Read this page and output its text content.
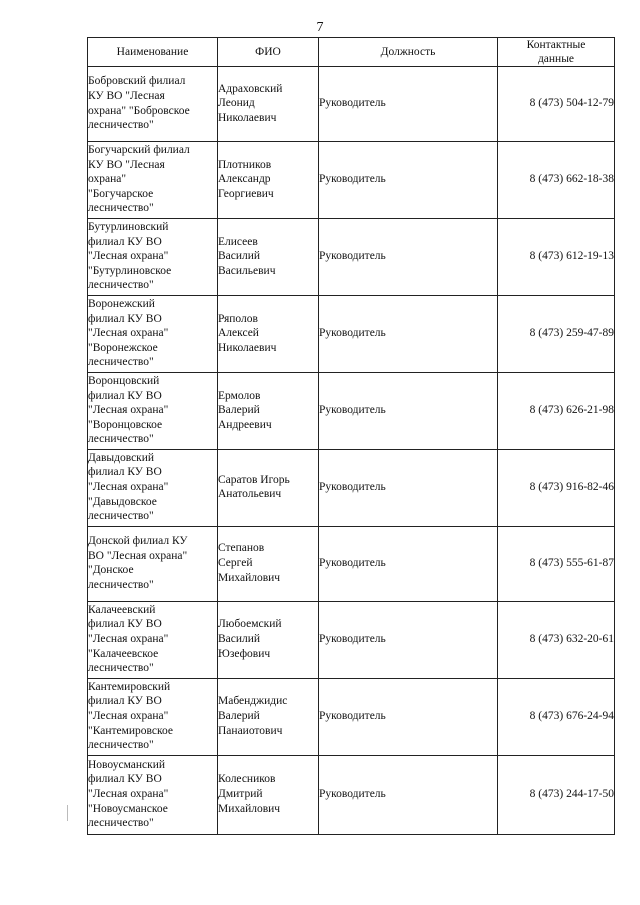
7
Наименование	ФИО	Должность	Контактные
данные

Бобровский филиал
КУ ВО "Лесная
охрана" "Бобровское
лесничество"	Адраховский
Леонид
Николаевич	Руководитель	8 (473) 504-12-79

Богучарский филиал
КУ ВО "Лесная
охрана"
"Богучарское
лесничество"	Плотников
Александр
Георгиевич	Руководитель	8 (473) 662-18-38

Бутурлиновский
филиал КУ ВО
"Лесная охрана"
"Бутурлиновское
лесничество"	Елисеев
Василий
Васильевич	Руководитель	8 (473) 612-19-13

Воронежский
филиал КУ ВО
"Лесная охрана"
"Воронежское
лесничество"	Ряполов
Алексей
Николаевич	Руководитель	8 (473) 259-47-89

Воронцовский
филиал КУ ВО
"Лесная охрана"
"Воронцовское
лесничество"	Ермолов
Валерий
Андреевич	Руководитель	8 (473) 626-21-98

Давыдовский
филиал КУ ВО
"Лесная охрана"
"Давыдовское
лесничество"	Саратов Игорь
Анатольевич	Руководитель	8 (473) 916-82-46

Донской филиал КУ
ВО "Лесная охрана"
"Донское
лесничество"	Степанов
Сергей
Михайлович	Руководитель	8 (473) 555-61-87

Калачеевский
филиал КУ ВО
"Лесная охрана"
"Калачеевское
лесничество"	Любоемский
Василий
Юзефович	Руководитель	8 (473) 632-20-61

Кантемировский
филиал КУ ВО
"Лесная охрана"
"Кантемировское
лесничество"	Мабенджидис
Валерий
Панаиотович	Руководитель	8 (473) 676-24-94

Новоусманский
филиал КУ ВО
"Лесная охрана"
"Новоусманское
лесничество"	Колесников
Дмитрий
Михайлович	Руководитель	8 (473) 244-17-50
